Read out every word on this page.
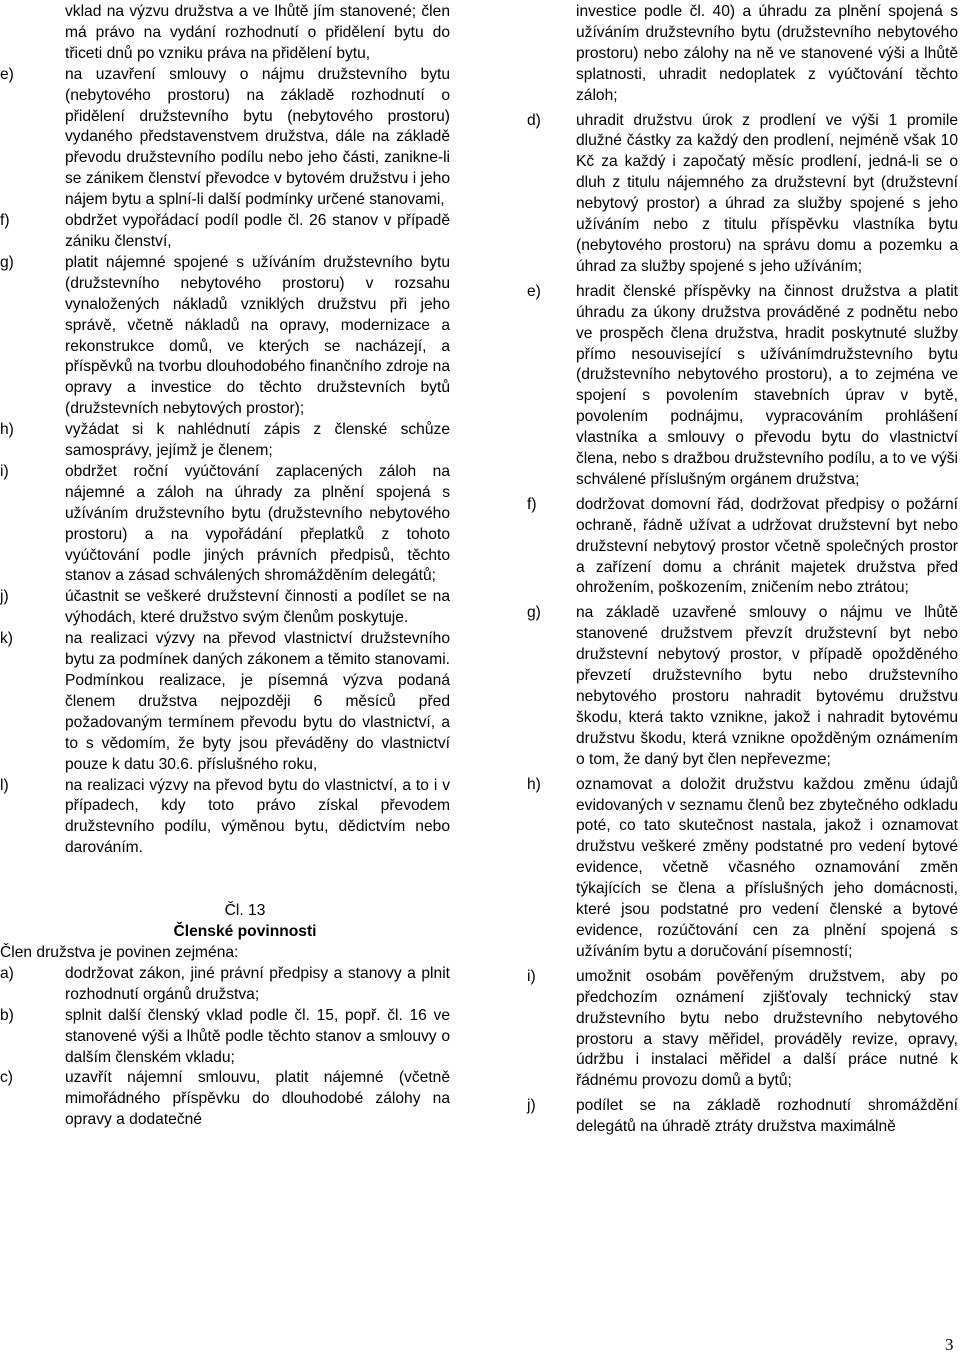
vklad na výzvu družstva a ve lhůtě jím stanovené; člen má právo na vydání rozhodnutí o přidělení bytu do třiceti dnů po vzniku práva na přidělení bytu,
e)	na uzavření smlouvy o nájmu družstevního bytu (nebytového prostoru) na základě rozhodnutí o přidělení družstevního bytu (nebytového prostoru) vydaného představenstvem družstva, dále na základě převodu družstevního podílu nebo jeho části, zanikne-li se zánikem členství převodce v bytovém družstvu i jeho nájem bytu a splní-li další podmínky určené stanovami,
f)	obdržet vypořádací podíl podle čl. 26 stanov v případě zániku členství,
g)	platit nájemné spojené s užíváním družstevního bytu (družstevního nebytového prostoru) v rozsahu vynaložených nákladů vzniklých družstvu při jeho správě, včetně nákladů na opravy, modernizace a rekonstrukce domů, ve kterých se nacházejí, a příspěvků na tvorbu dlouhodobého finančního zdroje na opravy a investice do těchto družstevních bytů (družstevních nebytových prostor);
h)	vyžádat si k nahlédnutí zápis z členské schůze samosprávy, jejímž je členem;
i)	obdržet roční vyúčtování zaplacených záloh na nájemné a záloh na úhrady za plnění spojená s užíváním družstevního bytu (družstevního nebytového prostoru) a na vypořádání přeplatků z tohoto vyúčtování podle jiných právních předpisů, těchto stanov a zásad schválených shromážděním delegátů;
j)	účastnit se veškeré družstevní činnosti a podílet se na výhodách, které družstvo svým členům poskytuje.
k)	na realizaci výzvy na převod vlastnictví družstevního bytu za podmínek daných zákonem a těmito stanovami. Podmínkou realizace, je písemná výzva podaná členem družstva nejpozději 6 měsíců před požadovaným termínem převodu bytu do vlastnictví, a to s vědomím, že byty jsou převáděny do vlastnictví pouze k datu 30.6. příslušného roku,
l)	na realizaci výzvy na převod bytu do vlastnictví, a to i v případech, kdy toto právo získal převodem družstevního podílu, výměnou bytu, dědictvím nebo darováním.
Čl. 13
Členské povinnosti
Člen družstva je povinen zejména:
a)	dodržovat zákon, jiné právní předpisy a stanovy a plnit rozhodnutí orgánů družstva;
b)	splnit další členský vklad podle čl. 15, popř. čl. 16 ve stanovené výši a lhůtě podle těchto stanov a smlouvy o dalším členském vkladu;
c)	uzavřít nájemní smlouvu, platit nájemné (včetně mimořádného příspěvku do dlouhodobé zálohy na opravy a dodatečné
investice podle čl. 40) a úhradu za plnění spojená s užíváním družstevního bytu (družstevního nebytového prostoru) nebo zálohy na ně ve stanovené výši a lhůtě splatnosti, uhradit nedoplatek z vyúčtování těchto záloh;
d) uhradit družstvu úrok z prodlení ve výši 1 promile dlužné částky za každý den prodlení, nejméně však 10 Kč za každý i započatý měsíc prodlení, jedná-li se o dluh z titulu nájemného za družstevní byt (družstevní nebytový prostor) a úhrad za služby spojené s jeho užíváním nebo z titulu příspěvku vlastníka bytu (nebytového prostoru) na správu domu a pozemku a úhrad za služby spojené s jeho užíváním;
e) hradit členské příspěvky na činnost družstva a platit úhradu za úkony družstva prováděné z podnětu nebo ve prospěch člena družstva, hradit poskytnuté služby přímo nesouvisející s užívánímdružstevního bytu (družstevního nebytového prostoru), a to zejména ve spojení s povolením stavebních úprav v bytě, povolením podnájmu, vypracováním prohlášení vlastníka a smlouvy o převodu bytu do vlastnictví člena, nebo s dražbou družstevního podílu, a to ve výši schválené příslušným orgánem družstva;
f)	dodržovat domovní řád, dodržovat předpisy o požární ochraně, řádně užívat a udržovat družstevní byt nebo družstevní nebytový prostor včetně společných prostor a zařízení domu a chránit majetek družstva před ohrožením, poškozením, zničením nebo ztrátou;
g) na základě uzavřené smlouvy o nájmu ve lhůtě stanovené družstvem převzít družstevní byt nebo družstevní nebytový prostor, v případě opožděného převzetí družstevního bytu nebo družstevního nebytového prostoru nahradit bytovému družstvu škodu, která takto vznikne, jakož i nahradit bytovému družstvu škodu, která vznikne opožděným oznámením o tom, že daný byt člen nepřevezme;
h) oznamovat a doložit družstvu každou změnu údajů evidovaných v seznamu členů bez zbytečného odkladu poté, co tato skutečnost nastala, jakož i oznamovat družstvu veškeré změny podstatné pro vedení bytové evidence, včetně včasného oznamování změn týkajících se člena a příslušných jeho domácnosti, které jsou podstatné pro vedení členské a bytové evidence, rozúčtování cen za plnění spojená s užíváním bytu a doručování písemností;
i)	umožnit osobám pověřeným družstvem, aby po předchozím oznámení zjišťovaly technický stav družstevního bytu nebo družstevního nebytového prostoru a stavy měřidel, prováděly revize, opravy, údržbu i instalaci měřidel a další práce nutné k řádnému provozu domů a bytů;
j)	podílet se na základě rozhodnutí shromáždění delegátů na úhradě ztráty družstva maximálně
3
